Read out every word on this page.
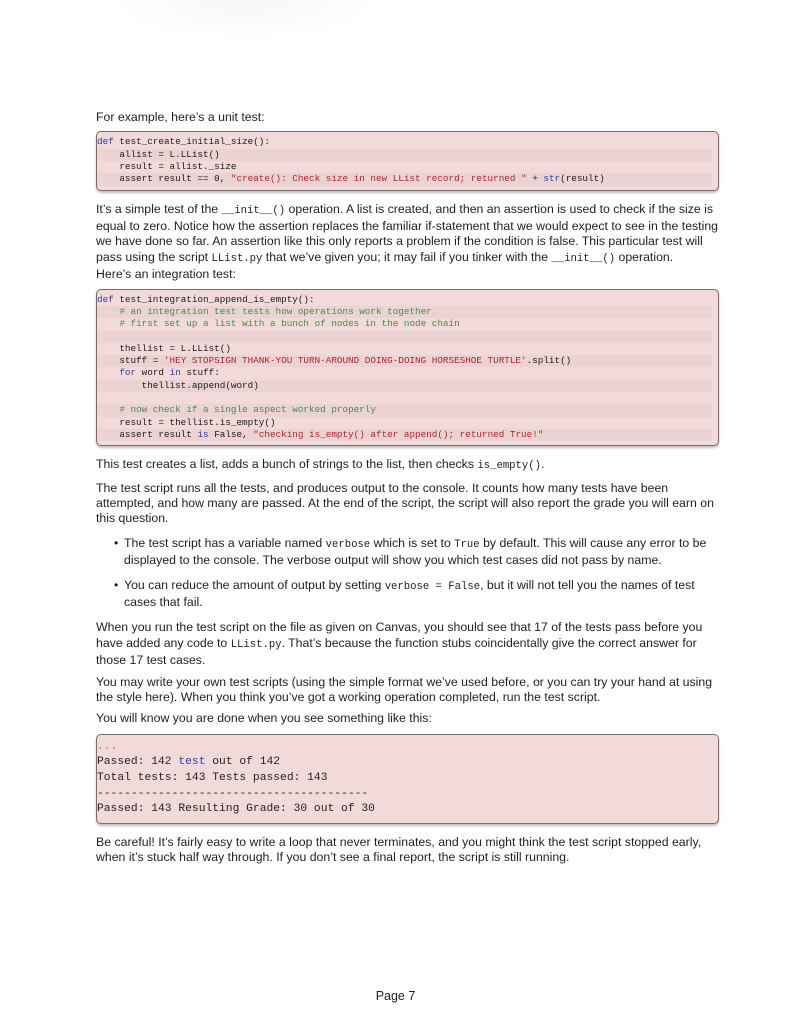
For example, here’s a unit test:

def test_create_initial_size():
allist = L.LList()
result = allist._size
assert result == 0, "create(): Check size in new LList record; returned " + str(result)

It’s a simple test of the __init__() operation. A list is created, and then an assertion is used to check if the size is equal to zero. Notice how the assertion replaces the familiar if-statement that we would expect to see in the testing we have done so far. An assertion like this only reports a problem if the condition is false. This particular test will pass using the script LList.py that we’ve given you; it may fail if you tinker with the __init__() operation.

Here’s an integration test:

def test_integration_append_is_empty():
# an integration test tests how operations work together
# first set up a list with a bunch of nodes in the node chain

thellist = L.LList()
stuff = 'HEY STOPSIGN THANK-YOU TURN-AROUND DOING-DOING HORSESHOE TURTLE'.split()
for word in stuff:
thellist.append(word)

# now check if a single aspect worked properly
result = thellist.is_empty()
assert result is False, "checking is_empty() after append(); returned True!"

This test creates a list, adds a bunch of strings to the list, then checks is_empty().

The test script runs all the tests, and produces output to the console. It counts how many tests have been attempted, and how many are passed. At the end of the script, the script will also report the grade you will earn on this question.

• The test script has a variable named verbose which is set to True by default. This will cause any error to be displayed to the console. The verbose output will show you which test cases did not pass by name.
• You can reduce the amount of output by setting verbose = False, but it will not tell you the names of test cases that fail.

When you run the test script on the file as given on Canvas, you should see that 17 of the tests pass before you have added any code to LList.py. That’s because the function stubs coincidentally give the correct answer for those 17 test cases.

You may write your own test scripts (using the simple format we’ve used before, or you can try your hand at using the style here). When you think you’ve got a working operation completed, run the test script.

You will know you are done when you see something like this:

...
Passed: 142 test out of 142
Total tests: 143 Tests passed: 143
----------------------------------------
Passed: 143 Resulting Grade: 30 out of 30

Be careful! It’s fairly easy to write a loop that never terminates, and you might think the test script stopped early, when it’s stuck half way through. If you don’t see a final report, the script is still running.

Page 7
